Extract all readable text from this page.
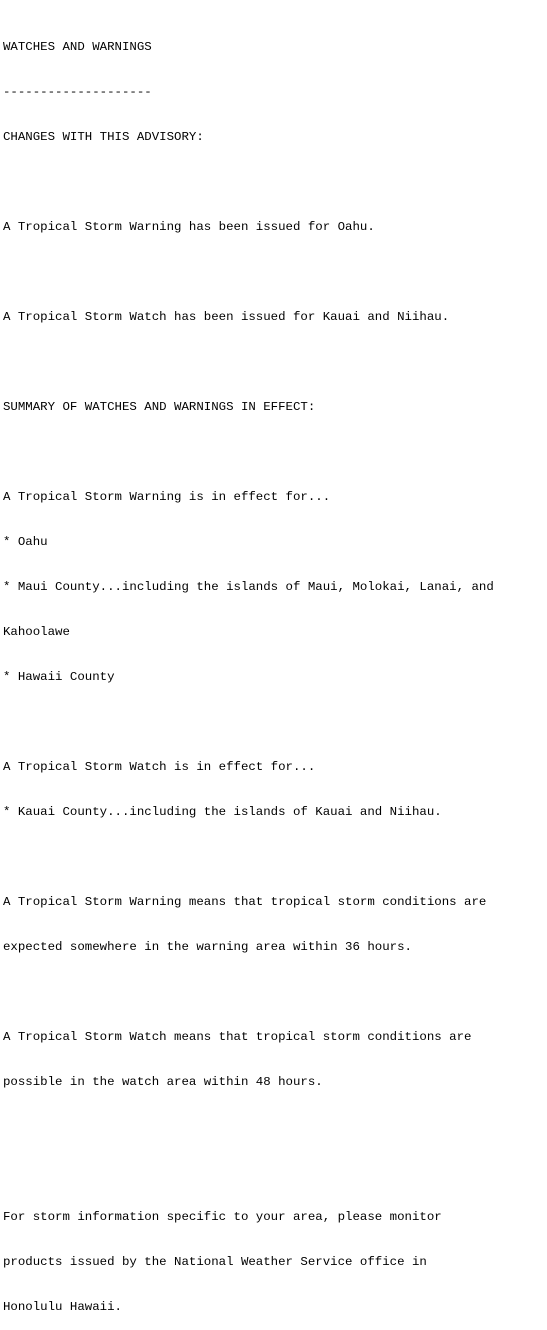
WATCHES AND WARNINGS

--------------------

CHANGES WITH THIS ADVISORY:

A Tropical Storm Warning has been issued for Oahu.

A Tropical Storm Watch has been issued for Kauai and Niihau.

SUMMARY OF WATCHES AND WARNINGS IN EFFECT:

A Tropical Storm Warning is in effect for...

* Oahu

* Maui County...including the islands of Maui, Molokai, Lanai, and

Kahoolawe

* Hawaii County

A Tropical Storm Watch is in effect for...

* Kauai County...including the islands of Kauai and Niihau.

A Tropical Storm Warning means that tropical storm conditions are

expected somewhere in the warning area within 36 hours.

A Tropical Storm Watch means that tropical storm conditions are

possible in the watch area within 48 hours.

For storm information specific to your area, please monitor

products issued by the National Weather Service office in

Honolulu Hawaii.
